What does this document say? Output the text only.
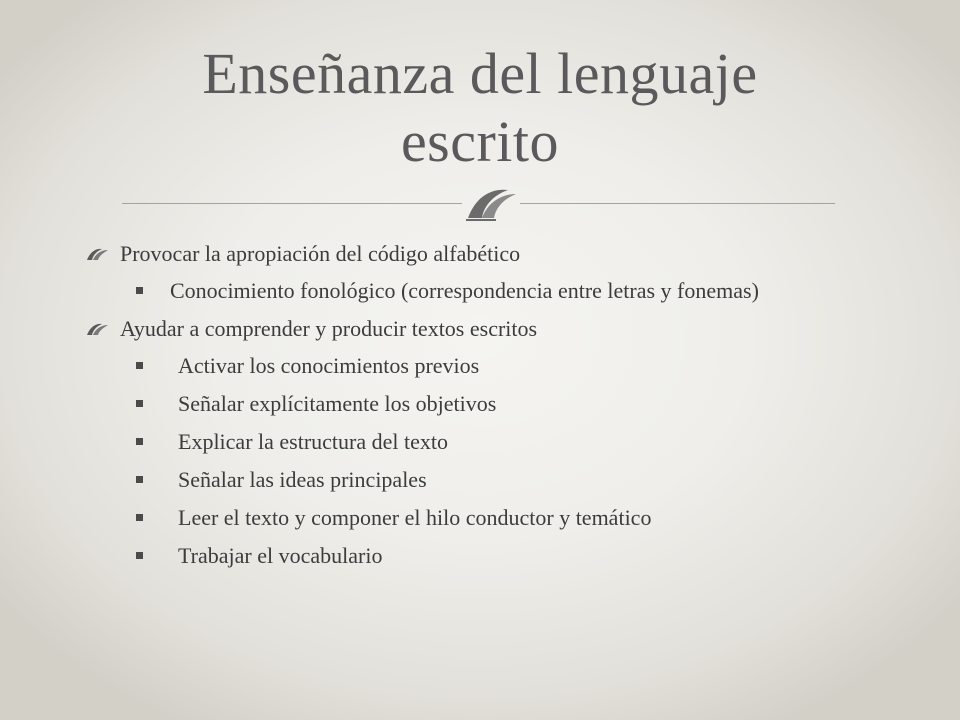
Enseñanza del lenguaje
escrito
Provocar la apropiación del código alfabético
Conocimiento fonológico (correspondencia entre letras y fonemas)
Ayudar a comprender y producir textos escritos
Activar los conocimientos previos
Señalar explícitamente los objetivos
Explicar la estructura del texto
Señalar las ideas principales
Leer el texto y componer el hilo conductor y temático
Trabajar el vocabulario
